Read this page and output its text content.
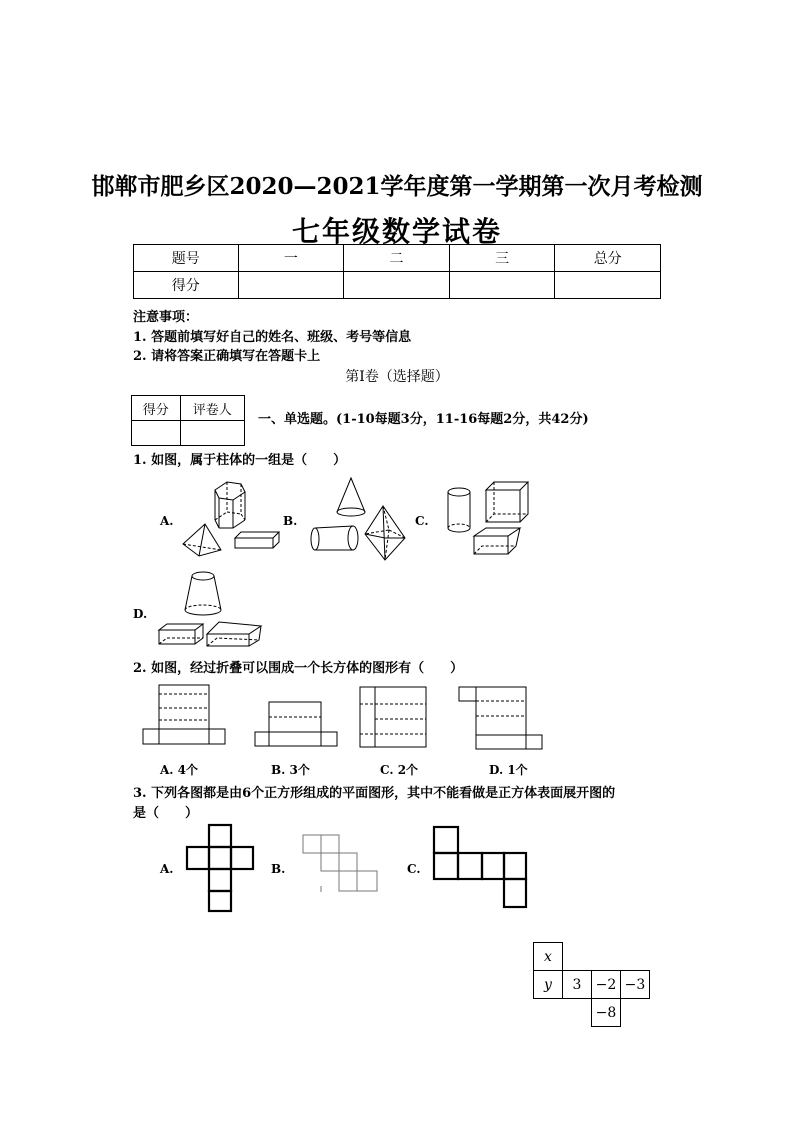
邯郸市肥乡区2020—2021学年度第一学期第一次月考检测
七年级数学试卷
题号	一	二	三	总分
得分				
注意事项：
1. 答题前填写好自己的姓名、班级、考号等信息
2. 请将答案正确填写在答题卡上
第Ⅰ卷（选择题）
得分	评卷人

一、单选题。(1-10每题3分，11-16每题2分，共42分)
1. 如图，属于柱体的一组是（　　）
A.	B.	C.
D.
2. 如图，经过折叠可以围成一个长方体的图形有（　　）
A. 4个	B. 3个	C. 2个	D. 1个
3. 下列各图都是由6个正方形组成的平面图形，其中不能看做是正方体表面展开图的
是（　　）
A.	B.	C.
x			
y	3	−2	−3
		−8	
